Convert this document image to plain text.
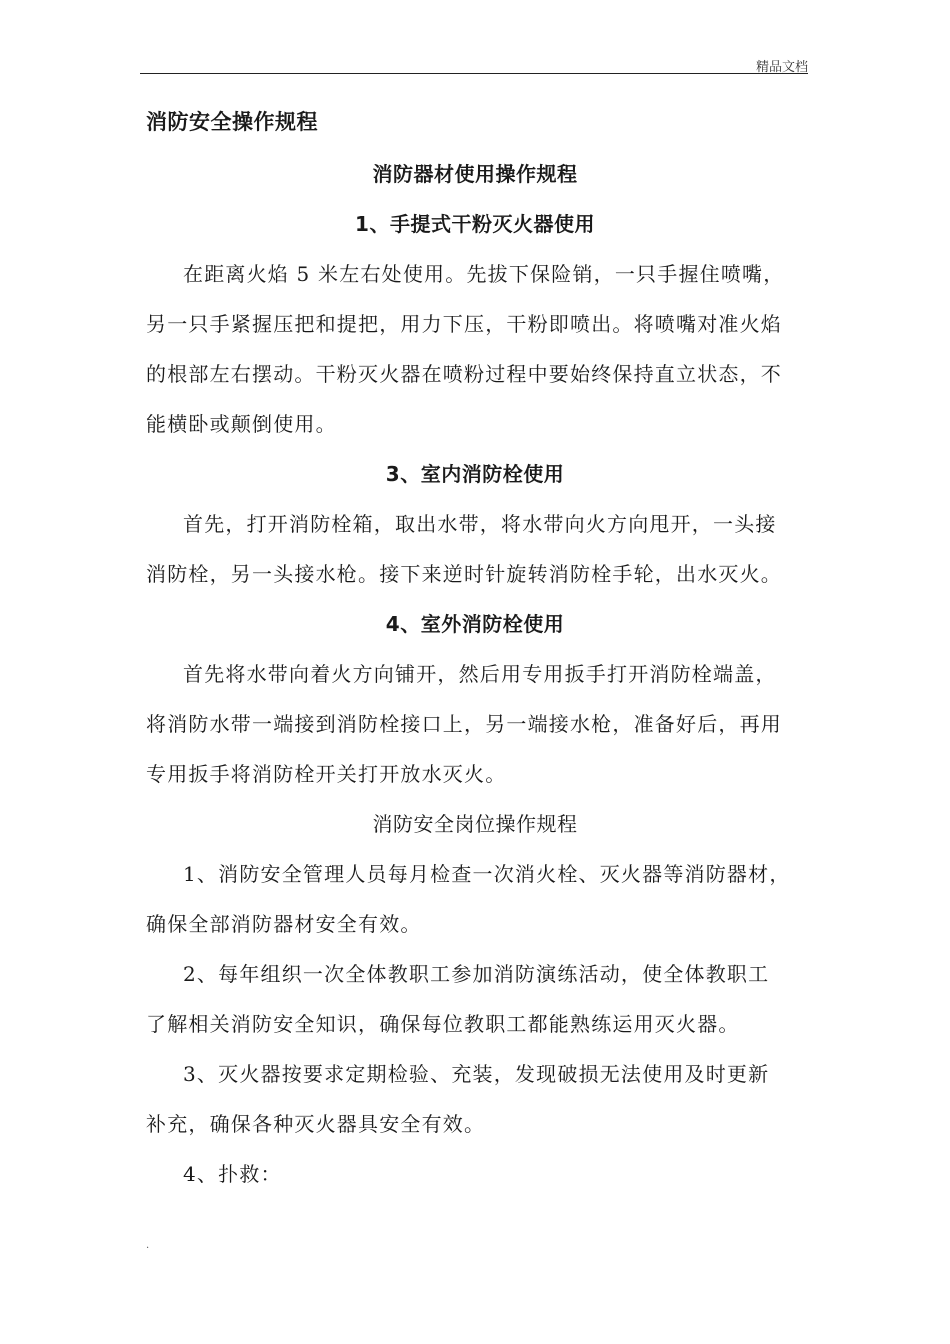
精品文档
消防安全操作规程
消防器材使用操作规程
1、手提式干粉灭火器使用
在距离火焰 5 米左右处使用。先拔下保险销，一只手握住喷嘴，
另一只手紧握压把和提把，用力下压，干粉即喷出。将喷嘴对准火焰
的根部左右摆动。干粉灭火器在喷粉过程中要始终保持直立状态，不
能横卧或颠倒使用。
3、室内消防栓使用
首先，打开消防栓箱，取出水带，将水带向火方向甩开，一头接
消防栓，另一头接水枪。接下来逆时针旋转消防栓手轮，出水灭火。
4、室外消防栓使用
首先将水带向着火方向铺开，然后用专用扳手打开消防栓端盖，
将消防水带一端接到消防栓接口上，另一端接水枪，准备好后，再用
专用扳手将消防栓开关打开放水灭火。
消防安全岗位操作规程
1、消防安全管理人员每月检查一次消火栓、灭火器等消防器材，
确保全部消防器材安全有效。
2、每年组织一次全体教职工参加消防演练活动，使全体教职工
了解相关消防安全知识，确保每位教职工都能熟练运用灭火器。
3、灭火器按要求定期检验、充装，发现破损无法使用及时更新
补充，确保各种灭火器具安全有效。
4、扑救：
.
